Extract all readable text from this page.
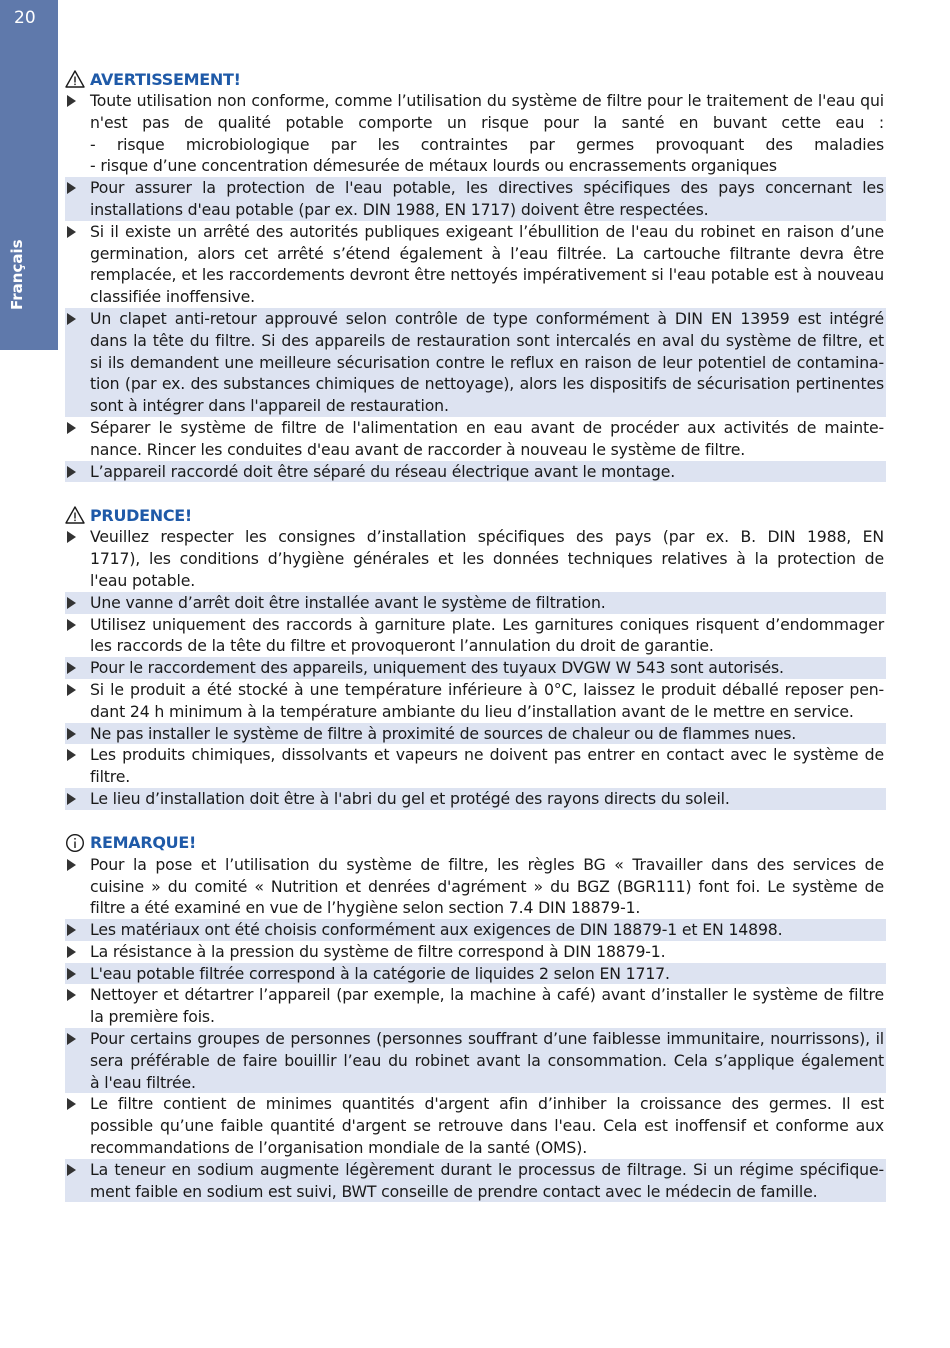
20
Français
AVERTISSEMENT!
Toute utilisation non conforme, comme l’utilisation du système de filtre pour le traitement de l'eau qui
n'est pas de qualité potable comporte un risque pour la santé en buvant cette eau :
- risque microbiologique par les contraintes par germes provoquant des maladies
- risque d’une concentration démesurée de métaux lourds ou encrassements organiques
Pour assurer la protection de l'eau potable, les directives spécifiques des pays concernant les
installations d'eau potable (par ex. DIN 1988, EN 1717) doivent être respectées.
Si il existe un arrêté des autorités publiques exigeant l’ébullition de l'eau du robinet en raison d’une
germination, alors cet arrêté s’étend également à l’eau filtrée. La cartouche filtrante devra être
remplacée, et les raccordements devront être nettoyés impérativement si l'eau potable est à nouveau
classifiée inoffensive.
Un clapet anti-retour approuvé selon contrôle de type conformément à DIN EN 13959 est intégré
dans la tête du filtre. Si des appareils de restauration sont intercalés en aval du système de filtre, et
si ils demandent une meilleure sécurisation contre le reflux en raison de leur potentiel de contamina-
tion (par ex. des substances chimiques de nettoyage), alors les dispositifs de sécurisation pertinentes
sont à intégrer dans l'appareil de restauration.
Séparer le système de filtre de l'alimentation en eau avant de procéder aux activités de mainte-
nance. Rincer les conduites d'eau avant de raccorder à nouveau le système de filtre.
L’appareil raccordé doit être séparé du réseau électrique avant le montage.
PRUDENCE!
Veuillez respecter les consignes d’installation spécifiques des pays (par ex. B. DIN 1988, EN
1717), les conditions d’hygiène générales et les données techniques relatives à la protection de
l'eau potable.
Une vanne d’arrêt doit être installée avant le système de filtration.
Utilisez uniquement des raccords à garniture plate. Les garnitures coniques risquent d’endommager
les raccords de la tête du filtre et provoqueront l’annulation du droit de garantie.
Pour le raccordement des appareils, uniquement des tuyaux DVGW W 543 sont autorisés.
Si le produit a été stocké à une température inférieure à 0°C, laissez le produit déballé reposer pen-
dant 24 h minimum à la température ambiante du lieu d’installation avant de le mettre en service.
Ne pas installer le système de filtre à proximité de sources de chaleur ou de flammes nues.
Les produits chimiques, dissolvants et vapeurs ne doivent pas entrer en contact avec le système de
filtre.
Le lieu d’installation doit être à l'abri du gel et protégé des rayons directs du soleil.
REMARQUE!
Pour la pose et l’utilisation du système de filtre, les règles BG « Travailler dans des services de
cuisine » du comité « Nutrition et denrées d'agrément » du BGZ (BGR111) font foi. Le système de
filtre a été examiné en vue de l’hygiène selon section 7.4 DIN 18879-1.
Les matériaux ont été choisis conformément aux exigences de DIN 18879-1 et EN 14898.
La résistance à la pression du système de filtre correspond à DIN 18879-1.
L'eau potable filtrée correspond à la catégorie de liquides 2 selon EN 1717.
Nettoyer et détartrer l’appareil (par exemple, la machine à café) avant d’installer le système de filtre
la première fois.
Pour certains groupes de personnes (personnes souffrant d’une faiblesse immunitaire, nourrissons), il
sera préférable de faire bouillir l’eau du robinet avant la consommation. Cela s’applique également
à l'eau filtrée.
Le filtre contient de minimes quantités d'argent afin d’inhiber la croissance des germes. Il est
possible qu’une faible quantité d'argent se retrouve dans l'eau. Cela est inoffensif et conforme aux
recommandations de l’organisation mondiale de la santé (OMS).
La teneur en sodium augmente légèrement durant le processus de filtrage. Si un régime spécifique-
ment faible en sodium est suivi, BWT conseille de prendre contact avec le médecin de famille.
